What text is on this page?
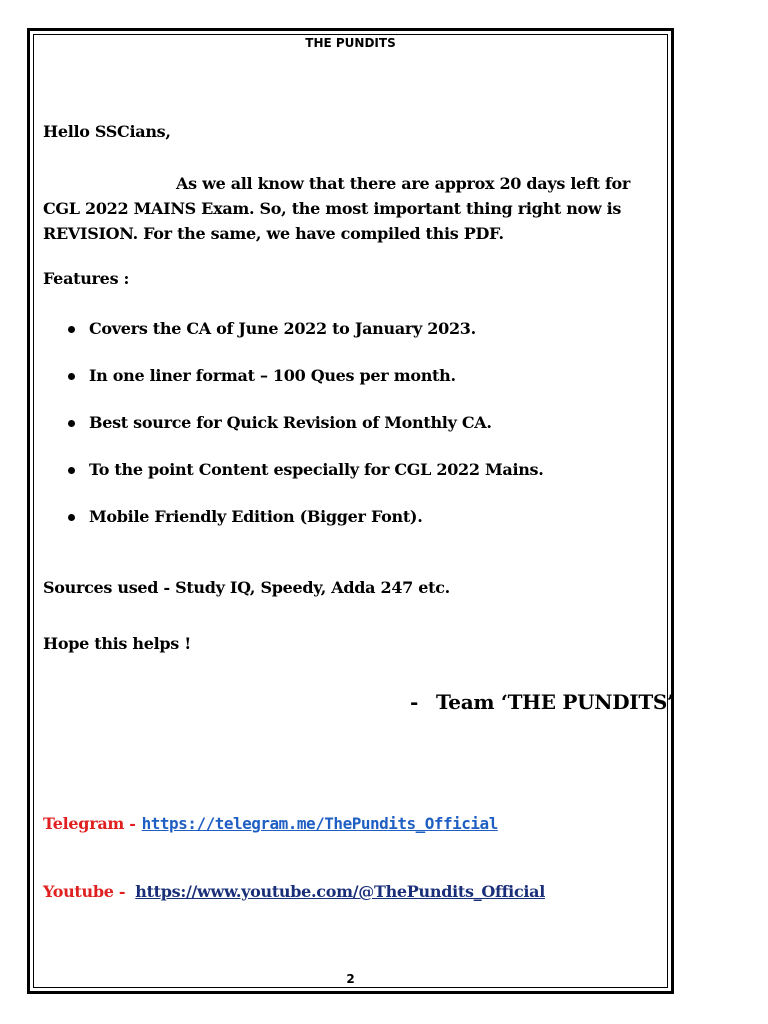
THE PUNDITS
Hello SSCians,
As we all know that there are approx 20 days left for
CGL 2022 MAINS Exam. So, the most important thing right now is
REVISION. For the same, we have compiled this PDF.
Features :
Covers the CA of June 2022 to January 2023.
In one liner format – 100 Ques per month.
Best source for Quick Revision of Monthly CA.
To the point Content especially for CGL 2022 Mains.
Mobile Friendly Edition (Bigger Font).
Sources used - Study IQ, Speedy, Adda 247 etc.
Hope this helps !
- Team ‘THE PUNDITS’
Telegram - https://telegram.me/ThePundits_Official
Youtube - https://www.youtube.com/@ThePundits_Official
2
